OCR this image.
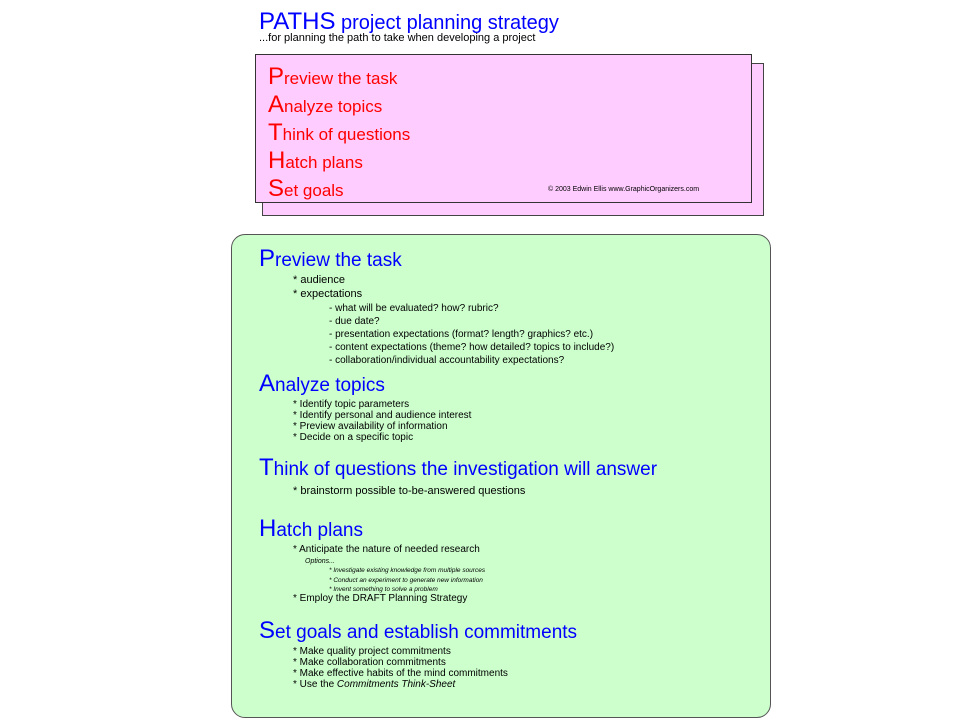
PATHS project planning strategy
...for planning the path to take when developing a project
Preview the task
Analyze topics
Think of questions
Hatch plans
Set goals	© 2003 Edwin Ellis www.GraphicOrganizers.com
Preview the task
* audience
* expectations
- what will be evaluated? how? rubric?
- due date?
- presentation expectations (format? length? graphics? etc.)
- content expectations (theme? how detailed? topics to include?)
- collaboration/individual accountability expectations?
Analyze topics
* Identify topic parameters
* Identify personal and audience interest
* Preview availability of information
* Decide on a specific topic
Think of questions the investigation will answer
* brainstorm possible to-be-answered questions
Hatch plans
* Anticipate the nature of needed research
Options...
* Investigate existing knowledge from multiple sources
* Conduct an experiment to generate new information
* Invent something to solve a problem
* Employ the DRAFT Planning Strategy
Set goals and establish commitments
* Make quality project commitments
* Make collaboration commitments
* Make effective habits of the mind commitments
* Use the Commitments Think-Sheet
